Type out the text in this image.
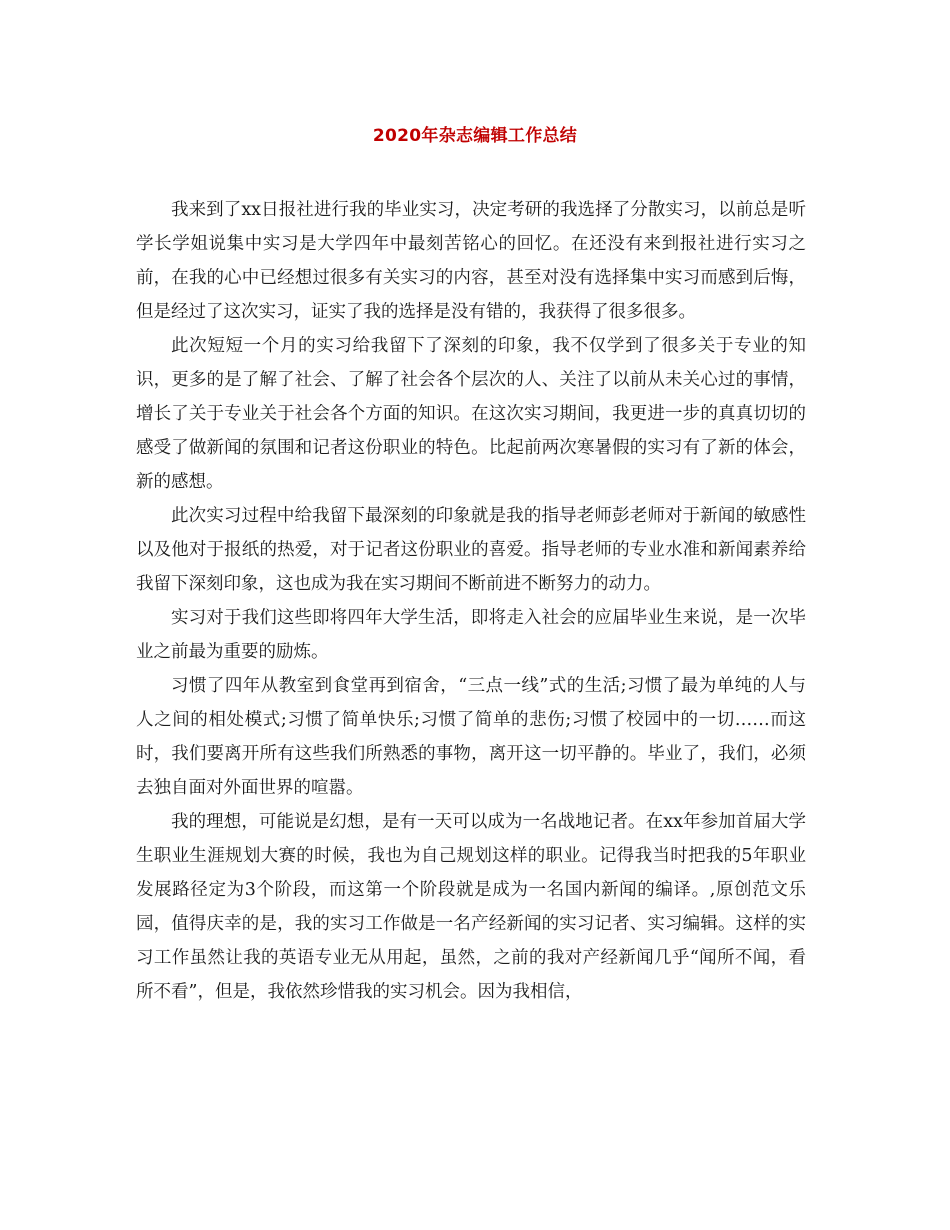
2020年杂志编辑工作总结

我来到了xx日报社进行我的毕业实习，决定考研的我选择了分散实习，以前总是听学长学姐说集中实习是大学四年中最刻苦铭心的回忆。在还没有来到报社进行实习之前，在我的心中已经想过很多有关实习的内容，甚至对没有选择集中实习而感到后悔，但是经过了这次实习，证实了我的选择是没有错的，我获得了很多很多。

此次短短一个月的实习给我留下了深刻的印象，我不仅学到了很多关于专业的知识，更多的是了解了社会、了解了社会各个层次的人、关注了以前从未关心过的事情，增长了关于专业关于社会各个方面的知识。在这次实习期间，我更进一步的真真切切的感受了做新闻的氛围和记者这份职业的特色。比起前两次寒暑假的实习有了新的体会，新的感想。

此次实习过程中给我留下最深刻的印象就是我的指导老师彭老师对于新闻的敏感性以及他对于报纸的热爱，对于记者这份职业的喜爱。指导老师的专业水准和新闻素养给我留下深刻印象，这也成为我在实习期间不断前进不断努力的动力。

实习对于我们这些即将四年大学生活，即将走入社会的应届毕业生来说，是一次毕业之前最为重要的励炼。

习惯了四年从教室到食堂再到宿舍，“三点一线”式的生活;习惯了最为单纯的人与人之间的相处模式;习惯了简单快乐;习惯了简单的悲伤;习惯了校园中的一切……而这时，我们要离开所有这些我们所熟悉的事物，离开这一切平静的。毕业了，我们，必须去独自面对外面世界的喧嚣。

我的理想，可能说是幻想，是有一天可以成为一名战地记者。在xx年参加首届大学生职业生涯规划大赛的时候，我也为自己规划这样的职业。记得我当时把我的5年职业发展路径定为3个阶段，而这第一个阶段就是成为一名国内新闻的编译。,原创范文乐园，值得庆幸的是，我的实习工作做是一名产经新闻的实习记者、实习编辑。这样的实习工作虽然让我的英语专业无从用起，虽然，之前的我对产经新闻几乎“闻所不闻，看所不看”，但是，我依然珍惜我的实习机会。因为我相信，
